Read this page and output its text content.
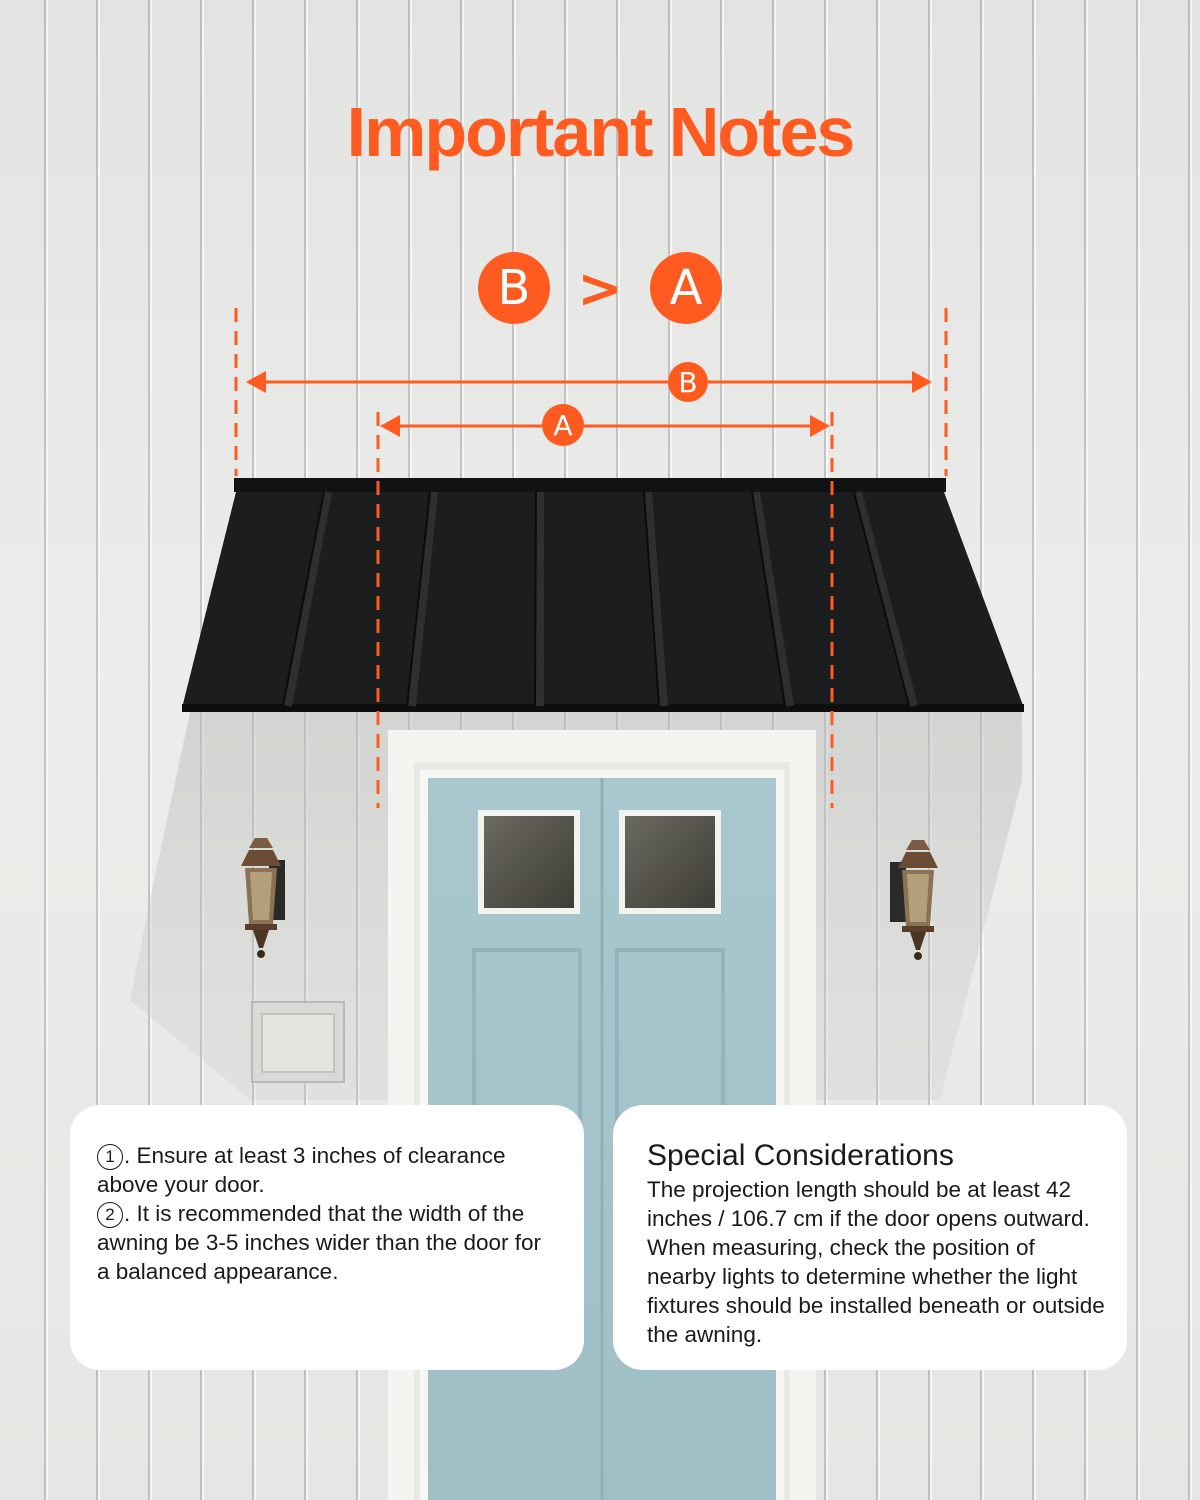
B
A
Important Notes
B > A

1 . Ensure at least 3 inches of clearance above your door.

2 . It is recommended that the width of the awning be 3-5 inches wider than the door for a balanced appearance.

Special Considerations

The projection length should be at least 42 inches / 106.7 cm if the door opens outward.

When measuring, check the position of nearby lights to determine whether the light fixtures should be installed beneath or outside the awning.
